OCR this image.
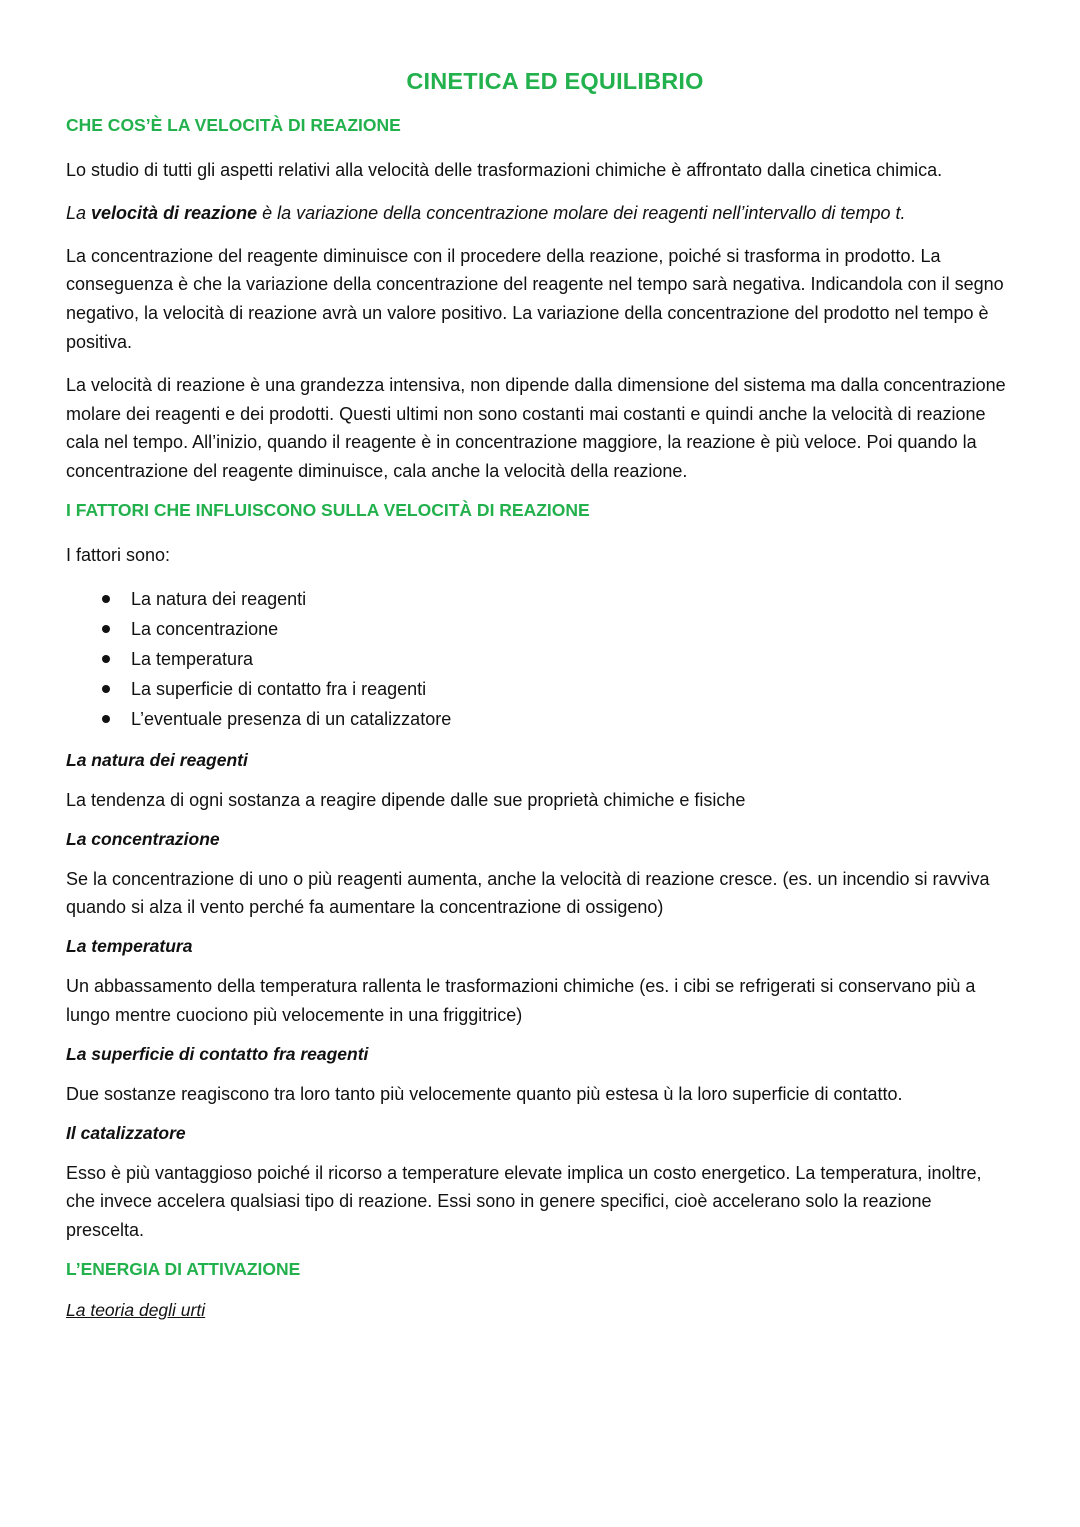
CINETICA ED EQUILIBRIO
CHE COS’È LA VELOCITÀ DI REAZIONE

Lo studio di tutti gli aspetti relativi alla velocità delle trasformazioni chimiche è affrontato dalla cinetica chimica.

La velocità di reazione è la variazione della concentrazione molare dei reagenti nell’intervallo di tempo t.

La concentrazione del reagente diminuisce con il procedere della reazione, poiché si trasforma in prodotto. La conseguenza è che la variazione della concentrazione del reagente nel tempo sarà negativa. Indicandola con il segno negativo, la velocità di reazione avrà un valore positivo. La variazione della concentrazione del prodotto nel tempo è positiva.

La velocità di reazione è una grandezza intensiva, non dipende dalla dimensione del sistema ma dalla concentrazione molare dei reagenti e dei prodotti. Questi ultimi non sono costanti mai costanti e quindi anche la velocità di reazione cala nel tempo. All’inizio, quando il reagente è in concentrazione maggiore, la reazione è più veloce. Poi quando la concentrazione del reagente diminuisce, cala anche la velocità della reazione.

I FATTORI CHE INFLUISCONO SULLA VELOCITÀ DI REAZIONE

I fattori sono:

La natura dei reagenti
La concentrazione
La temperatura
La superficie di contatto fra i reagenti
L’eventuale presenza di un catalizzatore
La natura dei reagenti

La tendenza di ogni sostanza a reagire dipende dalle sue proprietà chimiche e fisiche

La concentrazione

Se la concentrazione di uno o più reagenti aumenta, anche la velocità di reazione cresce. (es. un incendio si ravviva quando si alza il vento perché fa aumentare la concentrazione di ossigeno)

La temperatura

Un abbassamento della temperatura rallenta le trasformazioni chimiche (es. i cibi se refrigerati si conservano più a lungo mentre cuociono più velocemente in una friggitrice)

La superficie di contatto fra reagenti

Due sostanze reagiscono tra loro tanto più velocemente quanto più estesa ù la loro superficie di contatto.

Il catalizzatore

Esso è più vantaggioso poiché il ricorso a temperature elevate implica un costo energetico. La temperatura, inoltre, che invece accelera qualsiasi tipo di reazione. Essi sono in genere specifici, cioè accelerano solo la reazione prescelta.

L’ENERGIA DI ATTIVAZIONE
La teoria degli urti
